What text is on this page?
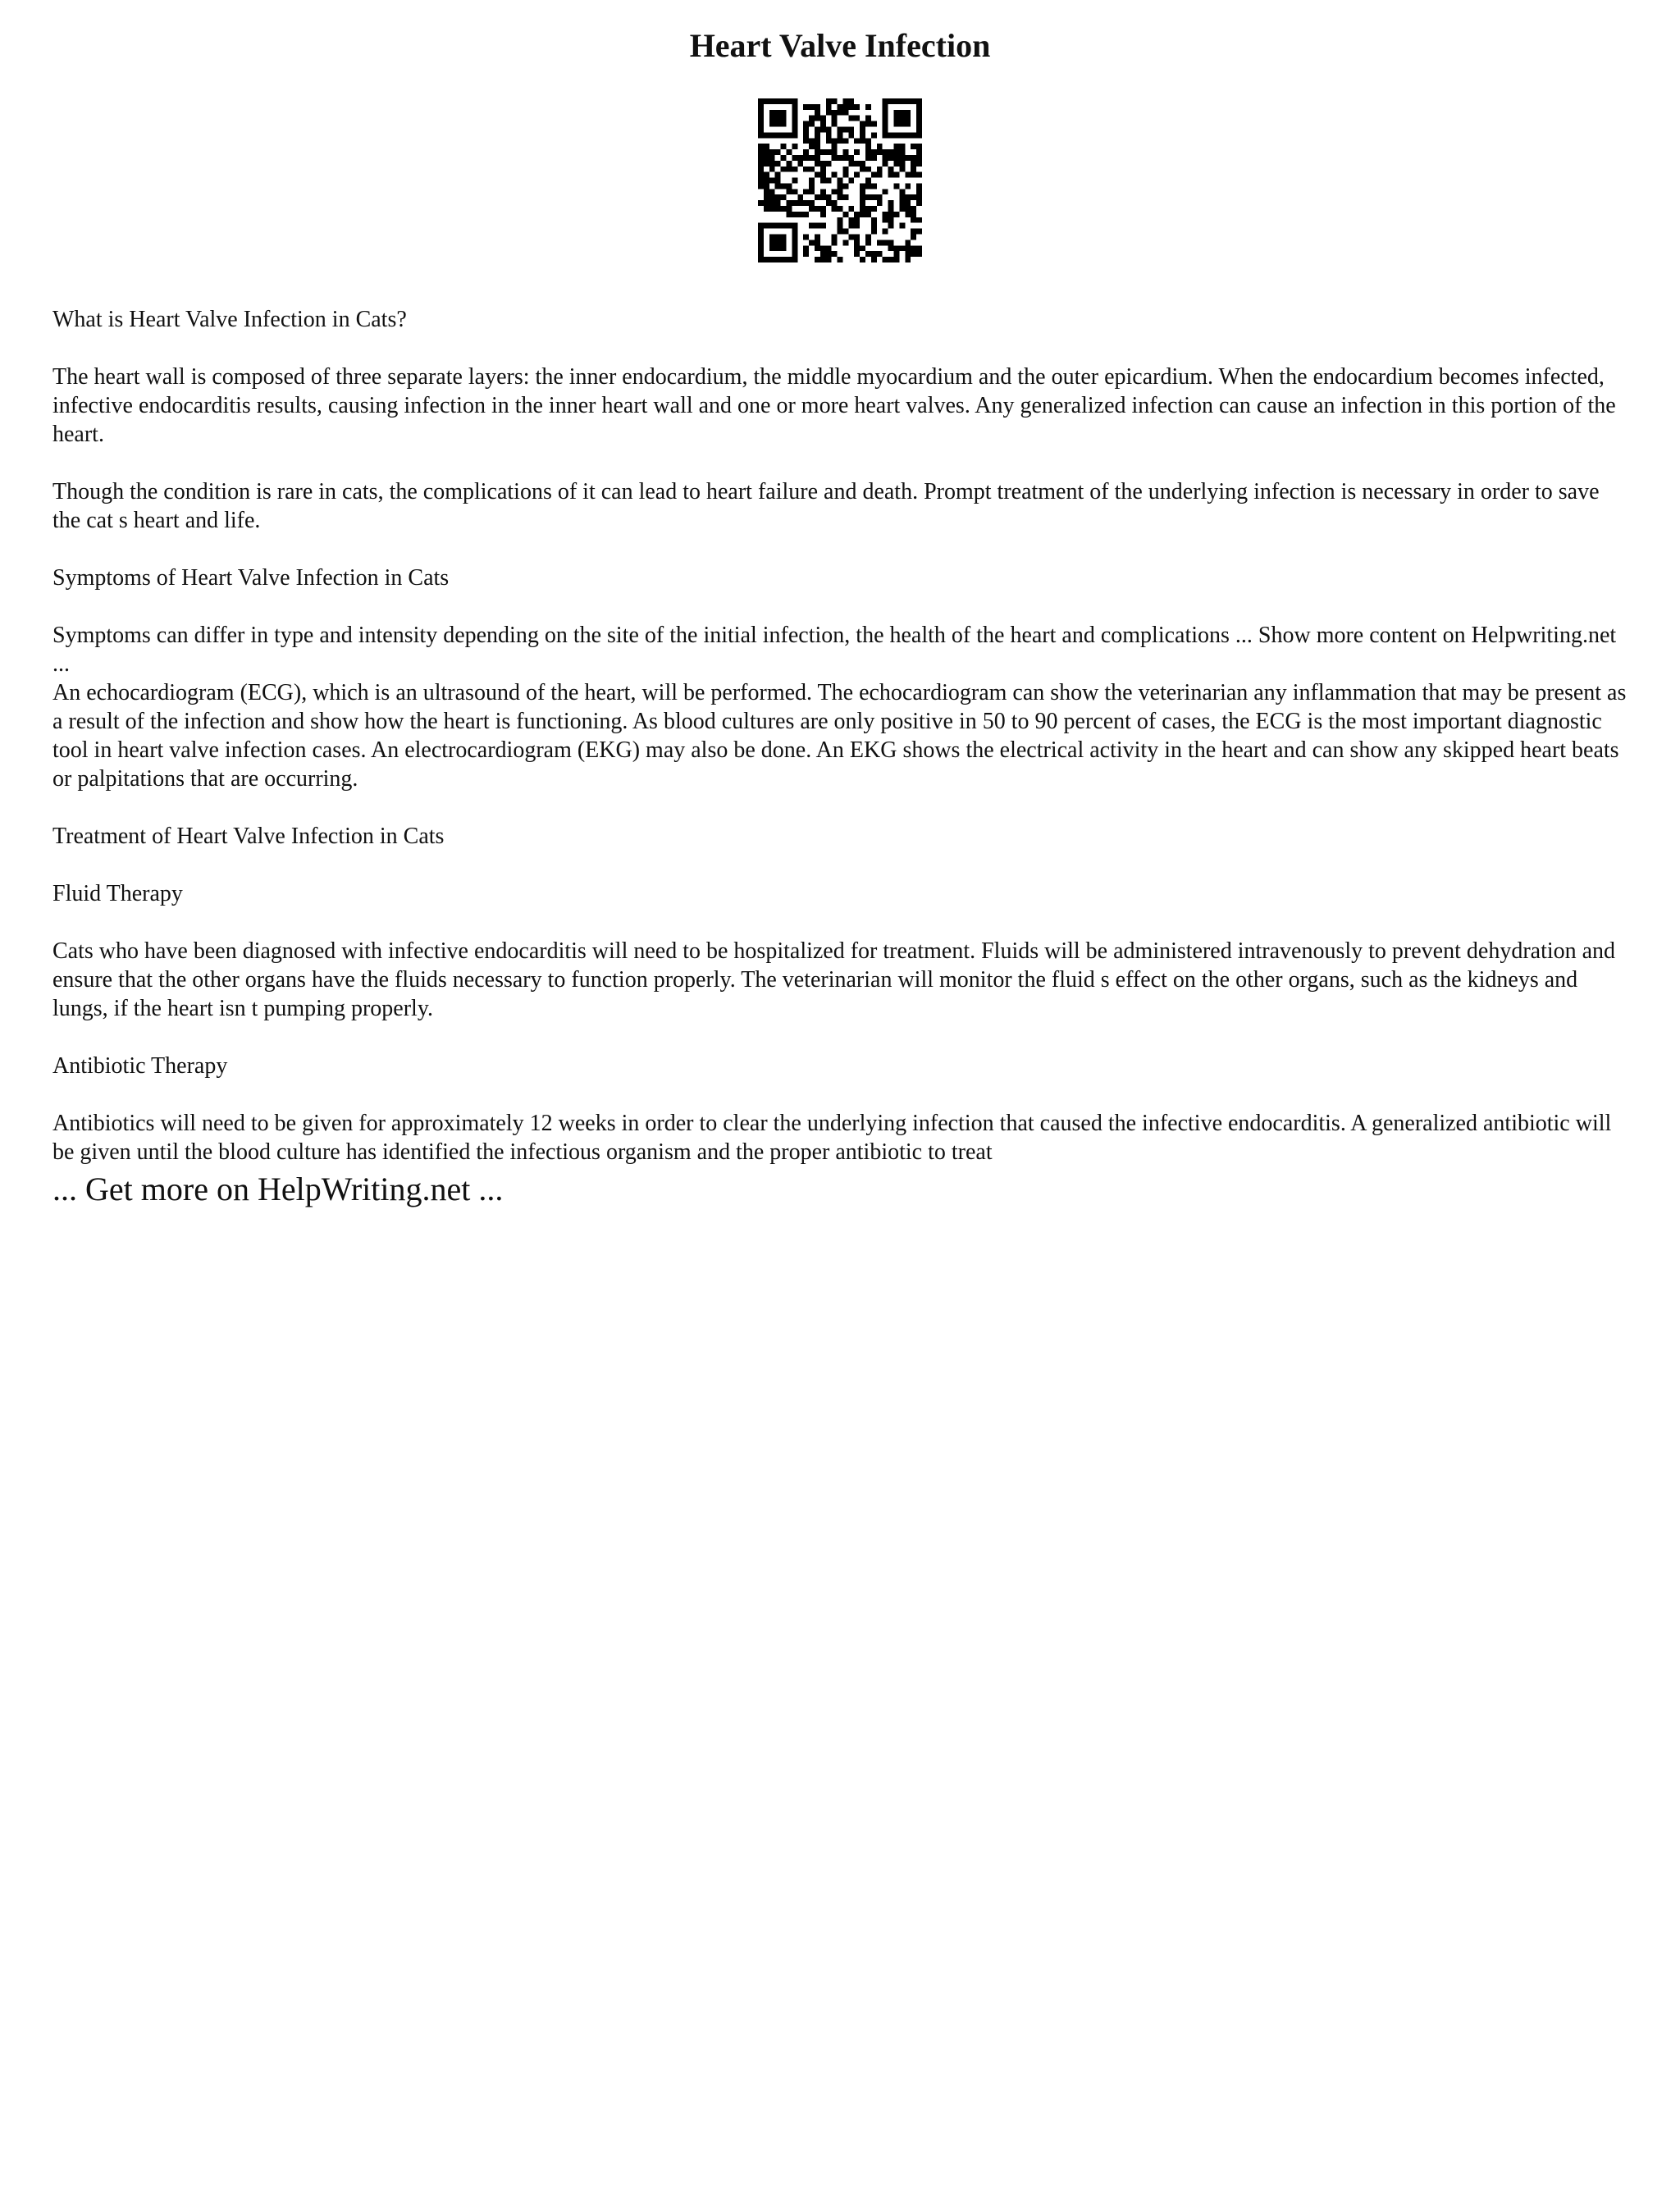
Heart Valve Infection

What is Heart Valve Infection in Cats?

The heart wall is composed of three separate layers: the inner endocardium, the middle myocardium and the outer epicardium. When the endocardium becomes infected, infective endocarditis results, causing infection in the inner heart wall and one or more heart valves. Any generalized infection can cause an infection in this portion of the heart.

Though the condition is rare in cats, the complications of it can lead to heart failure and death. Prompt treatment of the underlying infection is necessary in order to save the cat s heart and life.

Symptoms of Heart Valve Infection in Cats

Symptoms can differ in type and intensity depending on the site of the initial infection, the health of the heart and complications ... Show more content on Helpwriting.net ...

An echocardiogram (ECG), which is an ultrasound of the heart, will be performed. The echocardiogram can show the veterinarian any inflammation that may be present as a result of the infection and show how the heart is functioning. As blood cultures are only positive in 50 to 90 percent of cases, the ECG is the most important diagnostic tool in heart valve infection cases. An electrocardiogram (EKG) may also be done. An EKG shows the electrical activity in the heart and can show any skipped heart beats or palpitations that are occurring.

Treatment of Heart Valve Infection in Cats

Fluid Therapy

Cats who have been diagnosed with infective endocarditis will need to be hospitalized for treatment. Fluids will be administered intravenously to prevent dehydration and ensure that the other organs have the fluids necessary to function properly. The veterinarian will monitor the fluid s effect on the other organs, such as the kidneys and lungs, if the heart isn t pumping properly.

Antibiotic Therapy

Antibiotics will need to be given for approximately 12 weeks in order to clear the underlying infection that caused the infective endocarditis. A generalized antibiotic will be given until the blood culture has identified the infectious organism and the proper antibiotic to treat

... Get more on HelpWriting.net ...
